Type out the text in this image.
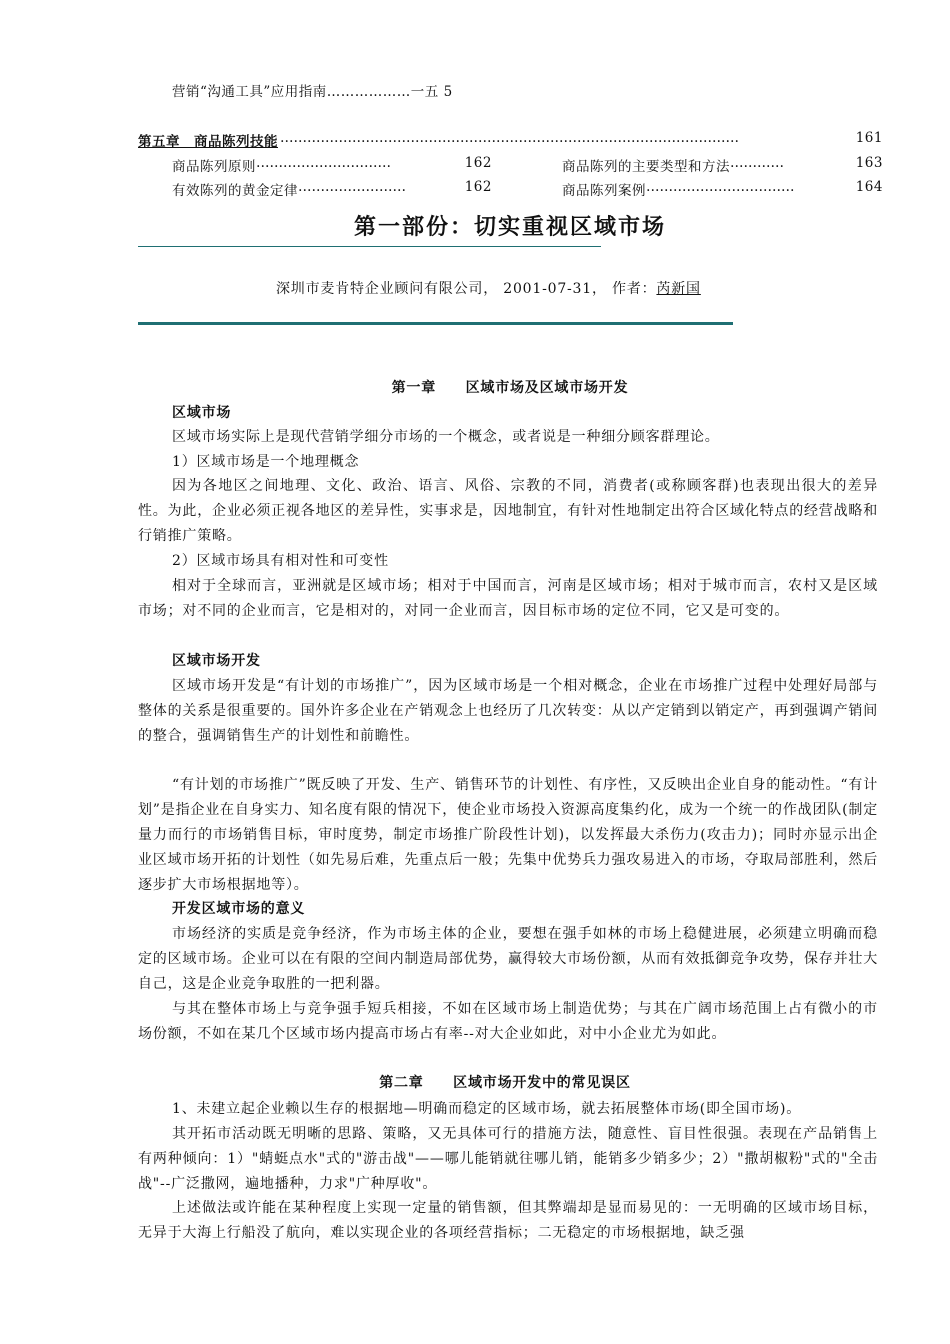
营销“沟通工具”应用指南………………一五 5
第五章　商品陈列技能 …………………………………………………………………………………………	161
商品陈列原则 …………………………	162	商品陈列的主要类型和方法 …………	163
有效陈列的黄金定律 ……………………	162	商品陈列案例 ……………………………	164
第一部份：切实重视区域市场
深圳市麦肯特企业顾问有限公司， 2001-07-31， 作者：芮新国
第一章　　区域市场及区域市场开发
区域市场
区域市场实际上是现代营销学细分市场的一个概念，或者说是一种细分顾客群理论。
1）区域市场是一个地理概念
因为各地区之间地理、文化、政治、语言、风俗、宗教的不同，消费者(或称顾客群)也表现出很大的差异性。为此，企业必须正视各地区的差异性，实事求是，因地制宜，有针对性地制定出符合区域化特点的经营战略和行销推广策略。
2）区域市场具有相对性和可变性
相对于全球而言，亚洲就是区域市场；相对于中国而言，河南是区域市场；相对于城市而言，农村又是区域市场；对不同的企业而言，它是相对的，对同一企业而言，因目标市场的定位不同，它又是可变的。
区域市场开发
区域市场开发是“有计划的市场推广”，因为区域市场是一个相对概念，企业在市场推广过程中处理好局部与整体的关系是很重要的。国外许多企业在产销观念上也经历了几次转变：从以产定销到以销定产，再到强调产销间的整合，强调销售生产的计划性和前瞻性。
“有计划的市场推广”既反映了开发、生产、销售环节的计划性、有序性，又反映出企业自身的能动性。“有计划”是指企业在自身实力、知名度有限的情况下，使企业市场投入资源高度集约化，成为一个统一的作战团队(制定量力而行的市场销售目标，审时度势，制定市场推广阶段性计划)，以发挥最大杀伤力(攻击力)；同时亦显示出企业区域市场开拓的计划性（如先易后难，先重点后一般；先集中优势兵力强攻易进入的市场，夺取局部胜利，然后逐步扩大市场根据地等）。
开发区域市场的意义
市场经济的实质是竞争经济，作为市场主体的企业，要想在强手如林的市场上稳健进展，必须建立明确而稳定的区域市场。企业可以在有限的空间内制造局部优势，赢得较大市场份额，从而有效抵御竞争攻势，保存并壮大自己，这是企业竞争取胜的一把利器。
与其在整体市场上与竞争强手短兵相接，不如在区域市场上制造优势；与其在广阔市场范围上占有微小的市场份额，不如在某几个区域市场内提高市场占有率--对大企业如此，对中小企业尤为如此。
第二章　　区域市场开发中的常见误区
1、未建立起企业赖以生存的根据地—明确而稳定的区域市场，就去拓展整体市场(即全国市场)。
其开拓市活动既无明晰的思路、策略，又无具体可行的措施方法，随意性、盲目性很强。表现在产品销售上有两种倾向：1）"蜻蜓点水"式的"游击战"——哪儿能销就往哪儿销，能销多少销多少；2）"撒胡椒粉"式的"全击战"--广泛撒网，遍地播种，力求"广种厚收"。
上述做法或许能在某种程度上实现一定量的销售额，但其弊端却是显而易见的：一无明确的区域市场目标，无异于大海上行船没了航向，难以实现企业的各项经营指标；二无稳定的市场根据地，缺乏强
